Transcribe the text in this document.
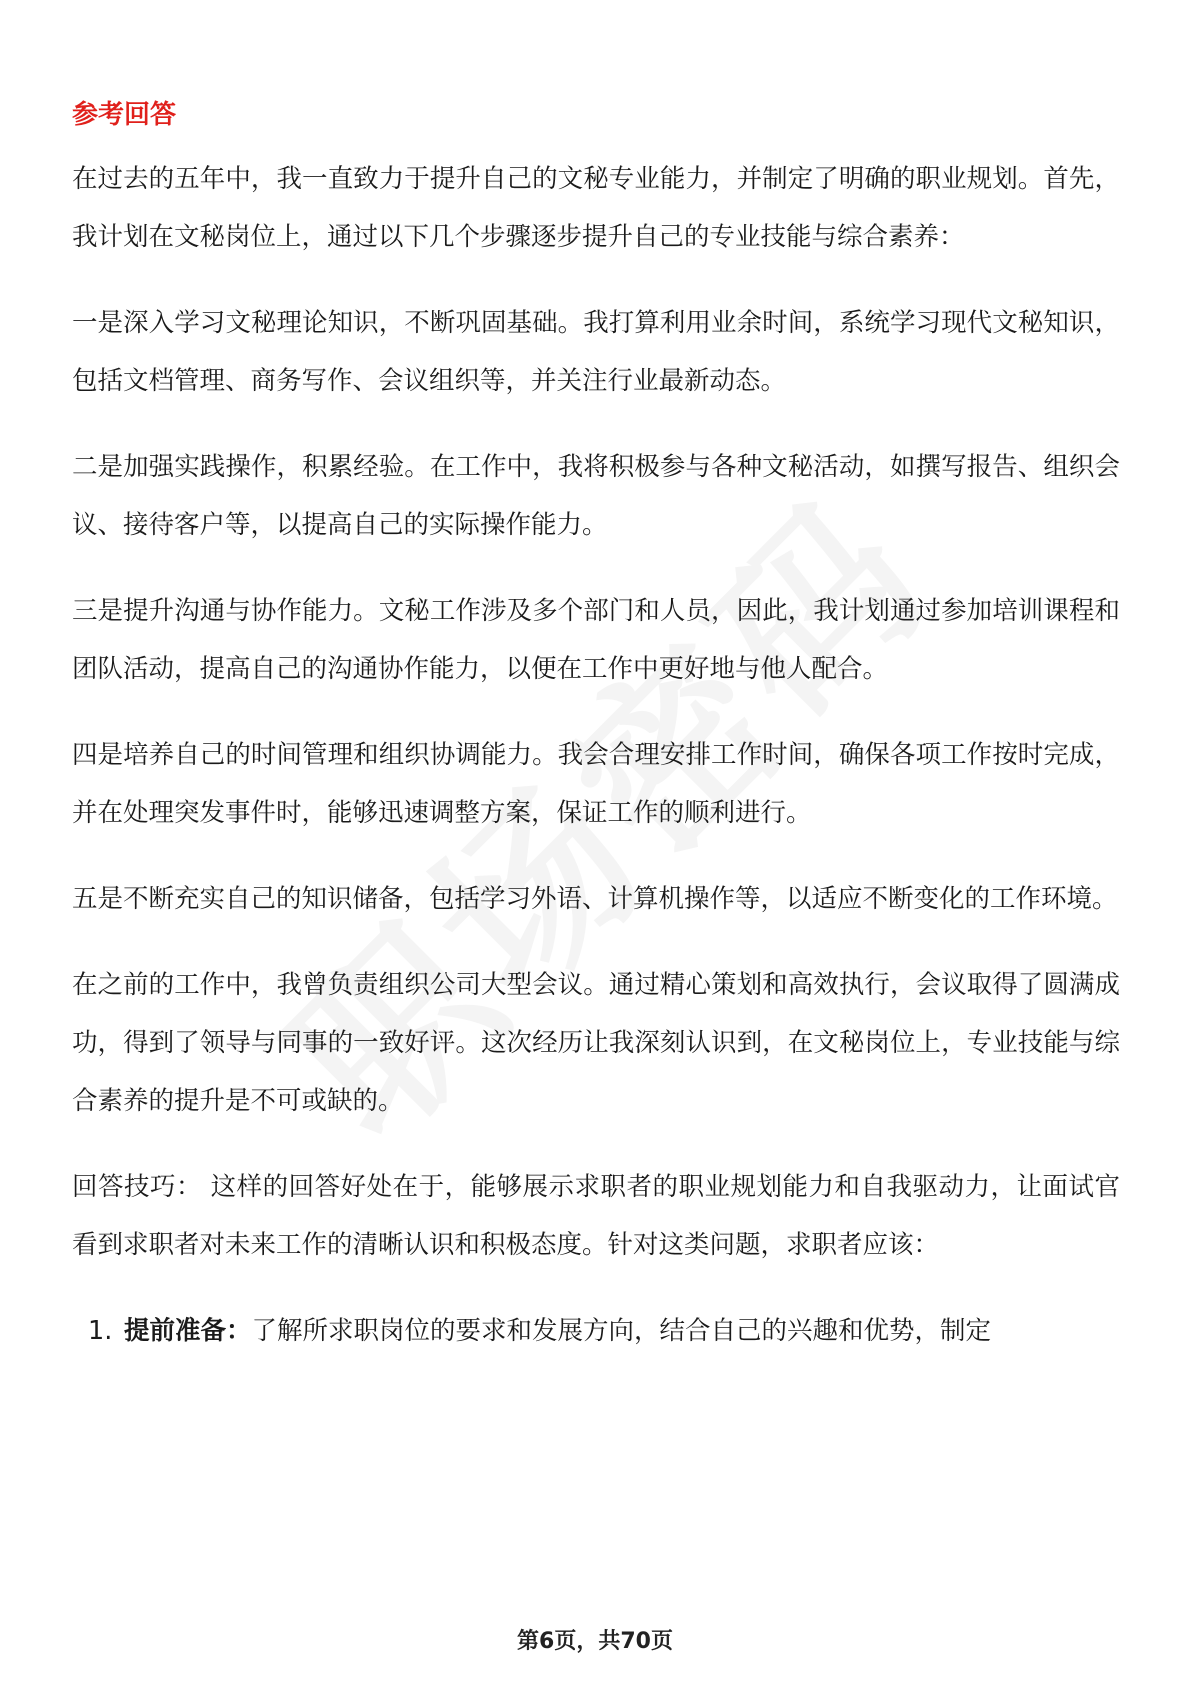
参考回答

在过去的五年中，我一直致力于提升自己的文秘专业能力，并制定了明确的职业规划。首先，我计划在文秘岗位上，通过以下几个步骤逐步提升自己的专业技能与综合素养：

一是深入学习文秘理论知识，不断巩固基础。我打算利用业余时间，系统学习现代文秘知识，包括文档管理、商务写作、会议组织等，并关注行业最新动态。

二是加强实践操作，积累经验。在工作中，我将积极参与各种文秘活动，如撰写报告、组织会议、接待客户等，以提高自己的实际操作能力。

三是提升沟通与协作能力。文秘工作涉及多个部门和人员，因此，我计划通过参加培训课程和团队活动，提高自己的沟通协作能力，以便在工作中更好地与他人配合。

四是培养自己的时间管理和组织协调能力。我会合理安排工作时间，确保各项工作按时完成，并在处理突发事件时，能够迅速调整方案，保证工作的顺利进行。

五是不断充实自己的知识储备，包括学习外语、计算机操作等，以适应不断变化的工作环境。

在之前的工作中，我曾负责组织公司大型会议。通过精心策划和高效执行，会议取得了圆满成功，得到了领导与同事的一致好评。这次经历让我深刻认识到，在文秘岗位上，专业技能与综合素养的提升是不可或缺的。

回答技巧： 这样的回答好处在于，能够展示求职者的职业规划能力和自我驱动力，让面试官看到求职者对未来工作的清晰认识和积极态度。针对这类问题，求职者应该：

1. 提前准备：了解所求职岗位的要求和发展方向，结合自己的兴趣和优势，制定
第6页，共70页
